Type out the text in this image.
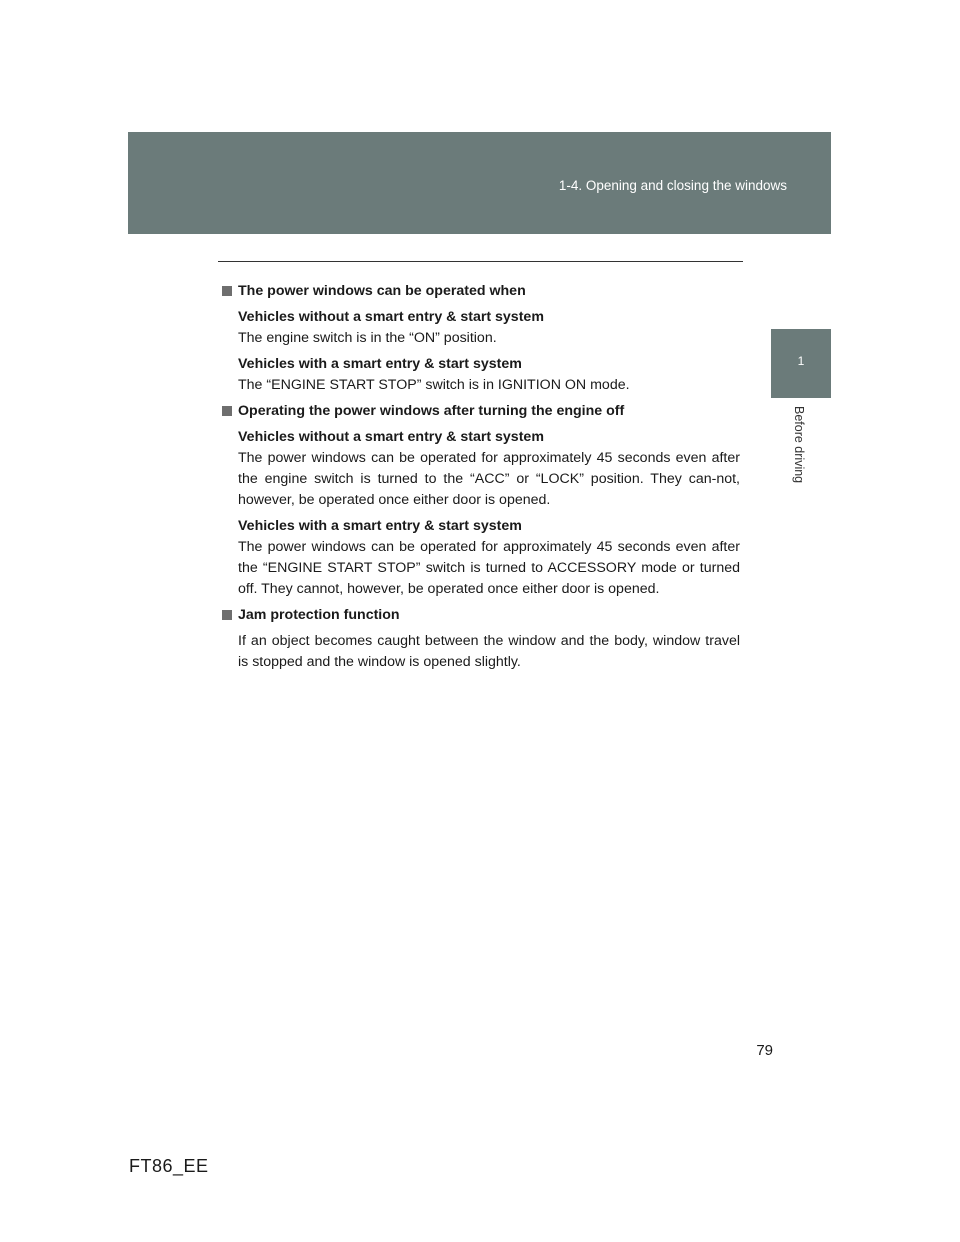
1-4. Opening and closing the windows
1
Before driving
The power windows can be operated when
Vehicles without a smart entry & start system
The engine switch is in the “ON” position.
Vehicles with a smart entry & start system
The “ENGINE START STOP” switch is in IGNITION ON mode.
Operating the power windows after turning the engine off
Vehicles without a smart entry & start system
The power windows can be operated for approximately 45 seconds even after the engine switch is turned to the “ACC” or “LOCK” position. They can-not, however, be operated once either door is opened.
Vehicles with a smart entry & start system
The power windows can be operated for approximately 45 seconds even after the “ENGINE START STOP” switch is turned to ACCESSORY mode or turned off. They cannot, however, be operated once either door is opened.
Jam protection function
If an object becomes caught between the window and the body, window travel is stopped and the window is opened slightly.
79
FT86_EE
